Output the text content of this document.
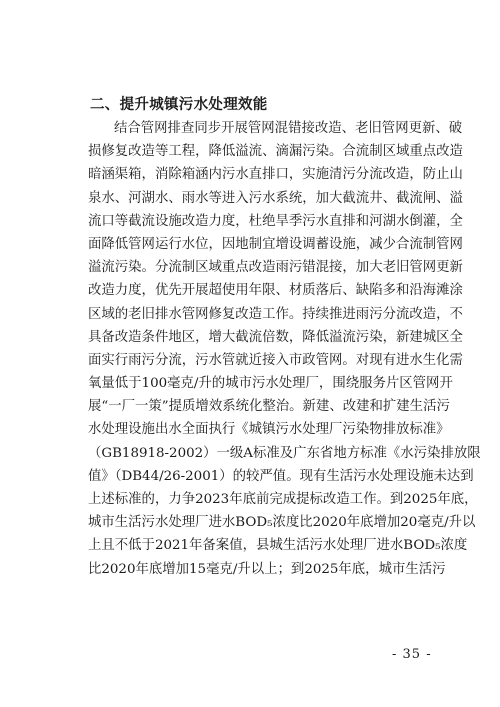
二、提升城镇污水处理效能
结合管网排查同步开展管网混错接改造、老旧管网更新、破
损修复改造等工程，降低溢流、滴漏污染。合流制区域重点改造
暗涵渠箱，消除箱涵内污水直排口，实施清污分流改造，防止山
泉水、河湖水、雨水等进入污水系统，加大截流井、截流闸、溢
流口等截流设施改造力度，杜绝旱季污水直排和河湖水倒灌，全
面降低管网运行水位，因地制宜增设调蓄设施，减少合流制管网
溢流污染。分流制区域重点改造雨污错混接，加大老旧管网更新
改造力度，优先开展超使用年限、材质落后、缺陷多和沿海滩涂
区域的老旧排水管网修复改造工作。持续推进雨污分流改造，不
具备改造条件地区，增大截流倍数，降低溢流污染，新建城区全
面实行雨污分流，污水管就近接入市政管网。对现有进水生化需
氧量低于100毫克/升的城市污水处理厂，围绕服务片区管网开
展“一厂一策”提质增效系统化整治。新建、改建和扩建生活污
水处理设施出水全面执行《城镇污水处理厂污染物排放标准》
（GB18918-2002）一级A标准及广东省地方标准《水污染排放限
值》（DB44/26-2001）的较严值。现有生活污水处理设施未达到
上述标准的，力争2023年底前完成提标改造工作。到2025年底，
城市生活污水处理厂进水BOD₅浓度比2020年底增加20毫克/升以
上且不低于2021年备案值，县城生活污水处理厂进水BOD₅浓度
比2020年底增加15毫克/升以上；到2025年底，城市生活污
- 35 -
